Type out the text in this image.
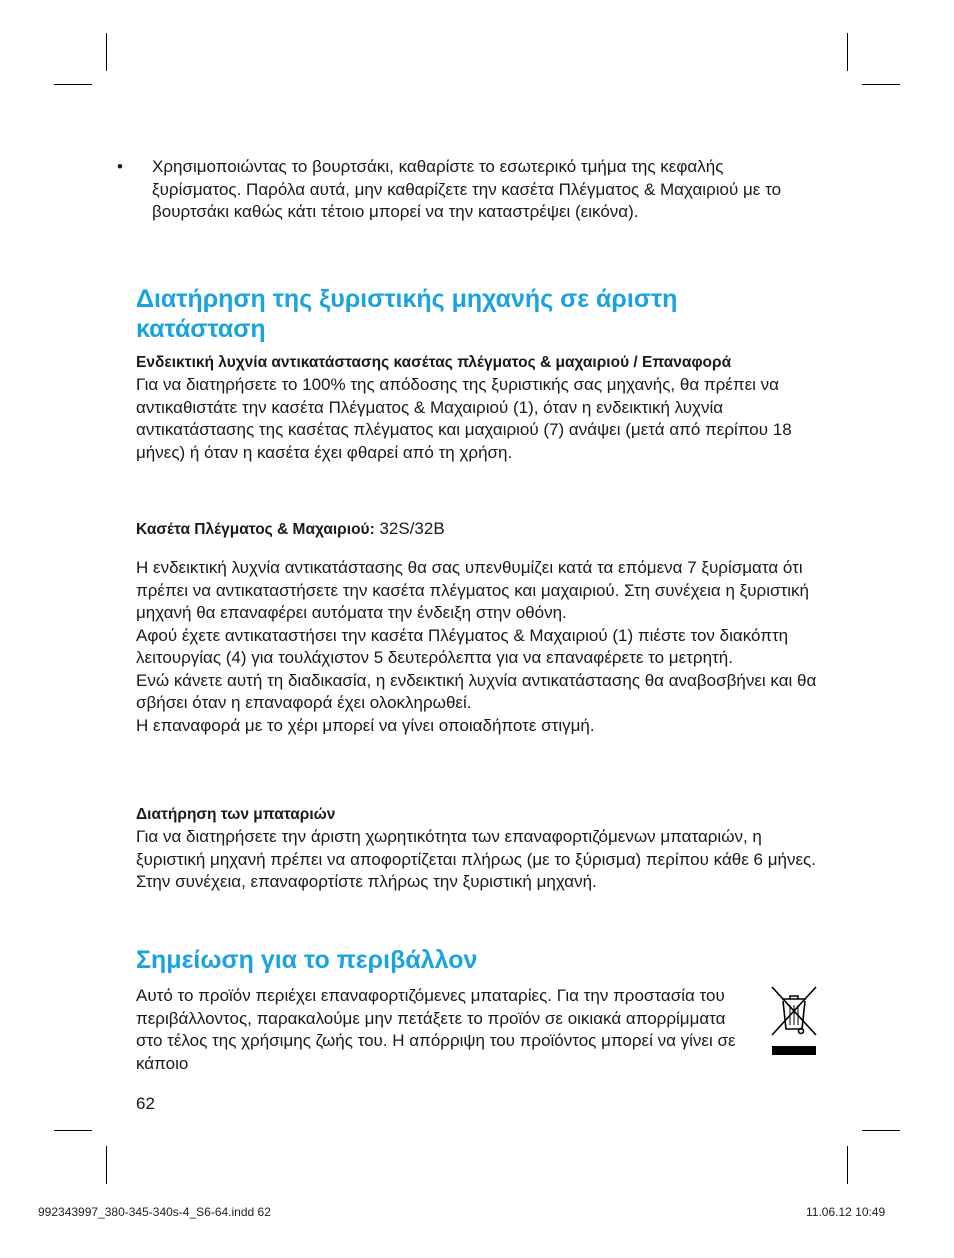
• Χρησιμοποιώντας το βουρτσάκι, καθαρίστε το εσωτερικό τμήμα της κεφαλής ξυρίσματος. Παρόλα αυτά, μην καθαρίζετε την κασέτα Πλέγματος & Μαχαιριού με το βουρτσάκι καθώς κάτι τέτοιο μπορεί να την καταστρέψει (εικόνα).

Διατήρηση της ξυριστικής μηχανής σε άριστη κατάσταση

Ενδεικτική λυχνία αντικατάστασης κασέτας πλέγματος & μαχαιριού / Επαναφορά

Για να διατηρήσετε το 100% της απόδοσης της ξυριστικής σας μηχανής, θα πρέπει να αντικαθιστάτε την κασέτα Πλέγματος & Μαχαιριού (1), όταν η ενδεικτική λυχνία αντικατάστασης της κασέτας πλέγματος και μαχαιριού (7) ανάψει (μετά από περίπου 18 μήνες) ή όταν η κασέτα έχει φθαρεί από τη χρήση.

Κασέτα Πλέγματος & Μαχαιριού: 32S/32B

Η ενδεικτική λυχνία αντικατάστασης θα σας υπενθυμίζει κατά τα επόμενα 7 ξυρίσματα ότι πρέπει να αντικαταστήσετε την κασέτα πλέγματος και μαχαιριού. Στη συνέχεια η ξυριστική μηχανή θα επαναφέρει αυτόματα την ένδειξη στην οθόνη.

Αφού έχετε αντικαταστήσει την κασέτα Πλέγματος & Μαχαιριού (1) πιέστε τον διακόπτη λειτουργίας (4) για τουλάχιστον 5 δευτερόλεπτα για να επαναφέρετε το μετρητή.

Ενώ κάνετε αυτή τη διαδικασία, η ενδεικτική λυχνία αντικατάστασης θα αναβοσβήνει και θα σβήσει όταν η επαναφορά έχει ολοκληρωθεί.

Η επαναφορά με το χέρι μπορεί να γίνει οποιαδήποτε στιγμή.

Διατήρηση των μπαταριών

Για να διατηρήσετε την άριστη χωρητικότητα των επαναφορτιζόμενων μπαταριών, η ξυριστική μηχανή πρέπει να αποφορτίζεται πλήρως (με το ξύρισμα) περίπου κάθε 6 μήνες. Στην συνέχεια, επαναφορτίστε πλήρως την ξυριστική μηχανή.

Σημείωση για το περιβάλλον

Αυτό το προϊόν περιέχει επαναφορτιζόμενες μπαταρίες. Για την προστασία του περιβάλλοντος, παρακαλούμε μην πετάξετε το προϊόν σε οικιακά απορρίμματα στο τέλος της χρήσιμης ζωής του. Η απόρριψη του προϊόντος μπορεί να γίνει σε κάποιο

62
992343997_380-345-340s-4_S6-64.indd 62	11.06.12 10:49
